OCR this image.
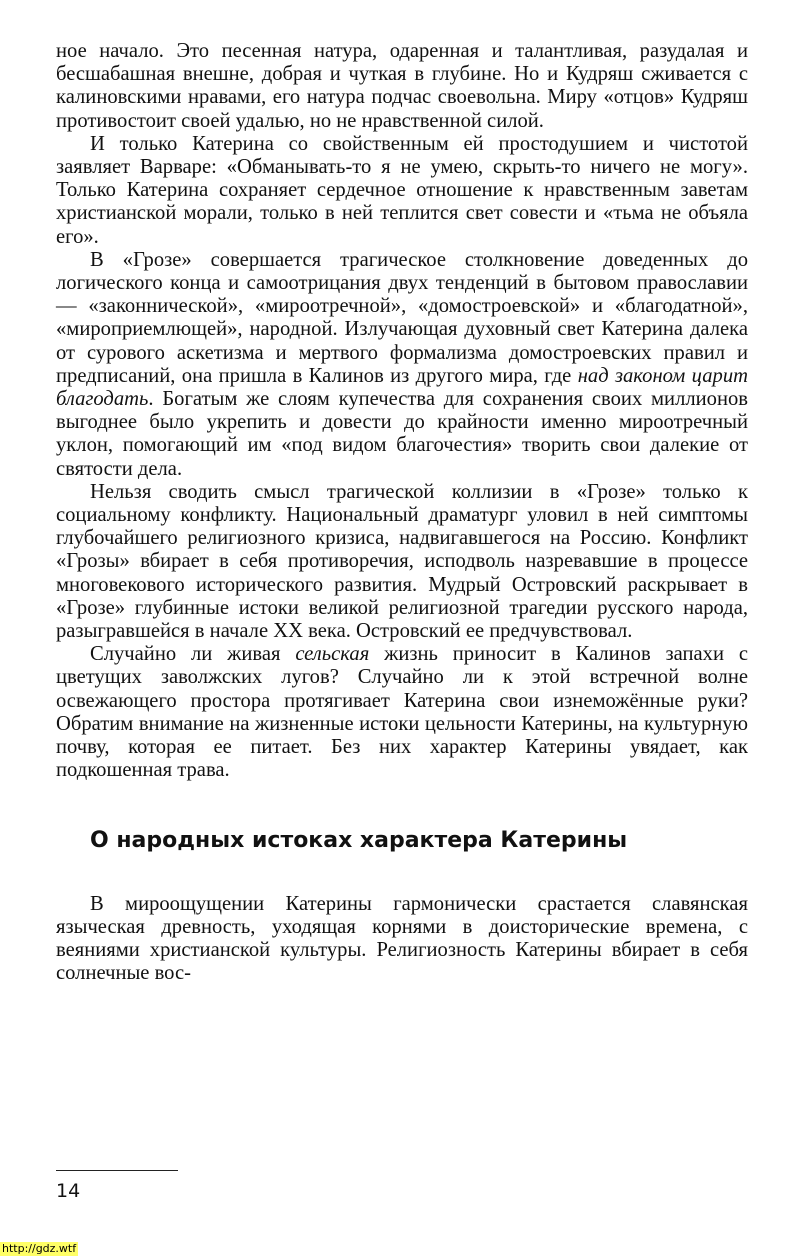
ное начало. Это песенная натура, одаренная и талантливая, разудалая и бесшабашная внешне, добрая и чуткая в глубине. Но и Кудряш сживается с калиновскими нравами, его натура подчас своевольна. Миру «отцов» Кудряш противостоит своей удалью, но не нравственной силой.

И только Катерина со свойственным ей простодушием и чистотой заявляет Варваре: «Обманывать-то я не умею, скрыть-то ничего не могу». Только Катерина сохраняет сердечное отношение к нравственным заветам христианской морали, только в ней теплится свет совести и «тьма не объяла его».

В «Грозе» совершается трагическое столкновение доведенных до логического конца и самоотрицания двух тенденций в бытовом православии — «законнической», «мироотречной», «домостроевской» и «благодатной», «мироприемлющей», народной. Излучающая духовный свет Катерина далека от сурового аскетизма и мертвого формализма домостроевских правил и предписаний, она пришла в Калинов из другого мира, где над законом царит благодать. Богатым же слоям купечества для сохранения своих миллионов выгоднее было укрепить и довести до крайности именно мироотречный уклон, помогающий им «под видом благочестия» творить свои далекие от святости дела.

Нельзя сводить смысл трагической коллизии в «Грозе» только к социальному конфликту. Национальный драматург уловил в ней симптомы глубочайшего религиозного кризиса, надвигавшегося на Россию. Конфликт «Грозы» вбирает в себя противоречия, исподволь назревавшие в процессе многовекового исторического развития. Мудрый Островский раскрывает в «Грозе» глубинные истоки великой религиозной трагедии русского народа, разыгравшейся в начале XX века. Островский ее предчувствовал.

Случайно ли живая сельская жизнь приносит в Калинов запахи с цветущих заволжских лугов? Случайно ли к этой встречной волне освежающего простора протягивает Катерина свои изнеможённые руки? Обратим внимание на жизненные истоки цельности Катерины, на культурную почву, которая ее питает. Без них характер Катерины увядает, как подкошенная трава.

О народных истоках характера Катерины

В мироощущении Катерины гармонически срастается славянская языческая древность, уходящая корнями в доисторические времена, с веяниями христианской культуры. Религиозность Катерины вбирает в себя солнечные вос-

14
http://gdz.wtf
